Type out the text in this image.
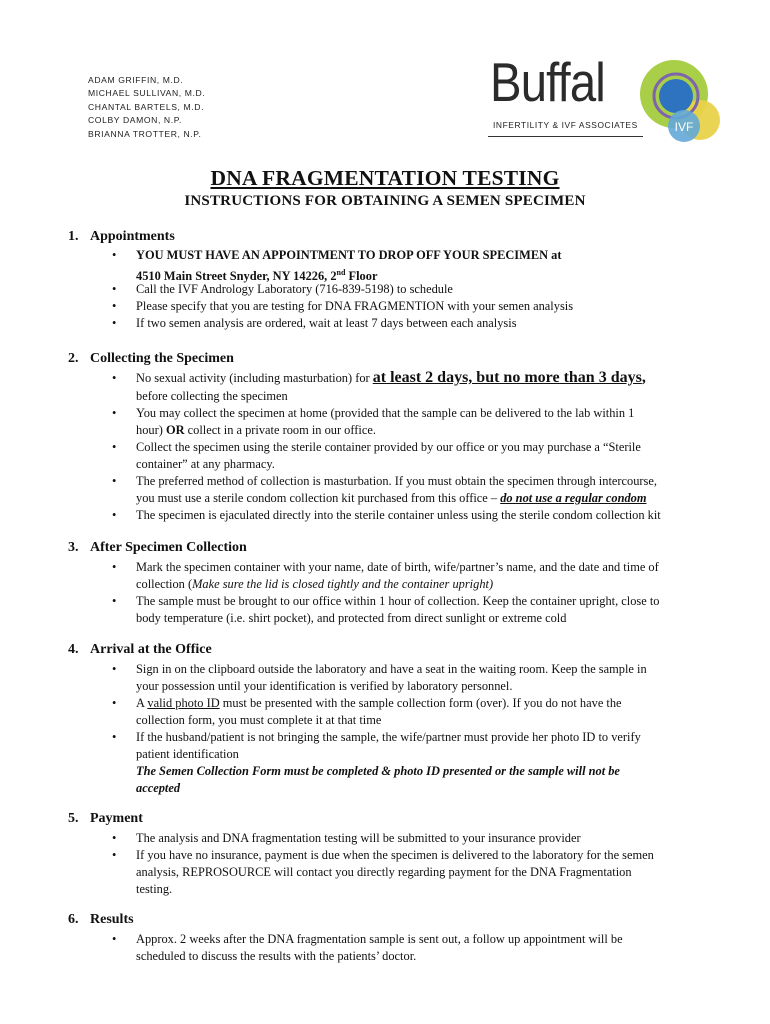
ADAM GRIFFIN, M.D.
MICHAEL SULLIVAN, M.D.
CHANTAL BARTELS, M.D.
COLBY DAMON, N.P.
BRIANNA TROTTER, N.P.
Buffal
INFERTILITY & IVF ASSOCIATES	IVF
DNA FRAGMENTATION TESTING
INSTRUCTIONS FOR OBTAINING A SEMEN SPECIMEN
1. Appointments
• YOU MUST HAVE AN APPOINTMENT TO DROP OFF YOUR SPECIMEN at
4510 Main Street Snyder, NY 14226, 2nd Floor
• Call the IVF Andrology Laboratory (716-839-5198) to schedule
• Please specify that you are testing for DNA FRAGMENTION with your semen analysis
• If two semen analysis are ordered, wait at least 7 days between each analysis
2. Collecting the Specimen
• No sexual activity (including masturbation) for at least 2 days, but no more than 3 days,
before collecting the specimen
• You may collect the specimen at home (provided that the sample can be delivered to the lab within 1
hour) OR collect in a private room in our office.
• Collect the specimen using the sterile container provided by our office or you may purchase a “Sterile
container” at any pharmacy.
• The preferred method of collection is masturbation. If you must obtain the specimen through intercourse,
you must use a sterile condom collection kit purchased from this office – do not use a regular condom
• The specimen is ejaculated directly into the sterile container unless using the sterile condom collection kit
3. After Specimen Collection
• Mark the specimen container with your name, date of birth, wife/partner’s name, and the date and time of
collection (Make sure the lid is closed tightly and the container upright)
• The sample must be brought to our office within 1 hour of collection. Keep the container upright, close to
body temperature (i.e. shirt pocket), and protected from direct sunlight or extreme cold
4. Arrival at the Office
• Sign in on the clipboard outside the laboratory and have a seat in the waiting room. Keep the sample in
your possession until your identification is verified by laboratory personnel.
• A valid photo ID must be presented with the sample collection form (over). If you do not have the
collection form, you must complete it at that time
• If the husband/patient is not bringing the sample, the wife/partner must provide her photo ID to verify
patient identification
The Semen Collection Form must be completed & photo ID presented or the sample will not be
accepted
5. Payment
• The analysis and DNA fragmentation testing will be submitted to your insurance provider
• If you have no insurance, payment is due when the specimen is delivered to the laboratory for the semen
analysis, REPROSOURCE will contact you directly regarding payment for the DNA Fragmentation
testing.
6. Results
• Approx. 2 weeks after the DNA fragmentation sample is sent out, a follow up appointment will be
scheduled to discuss the results with the patients’ doctor.
